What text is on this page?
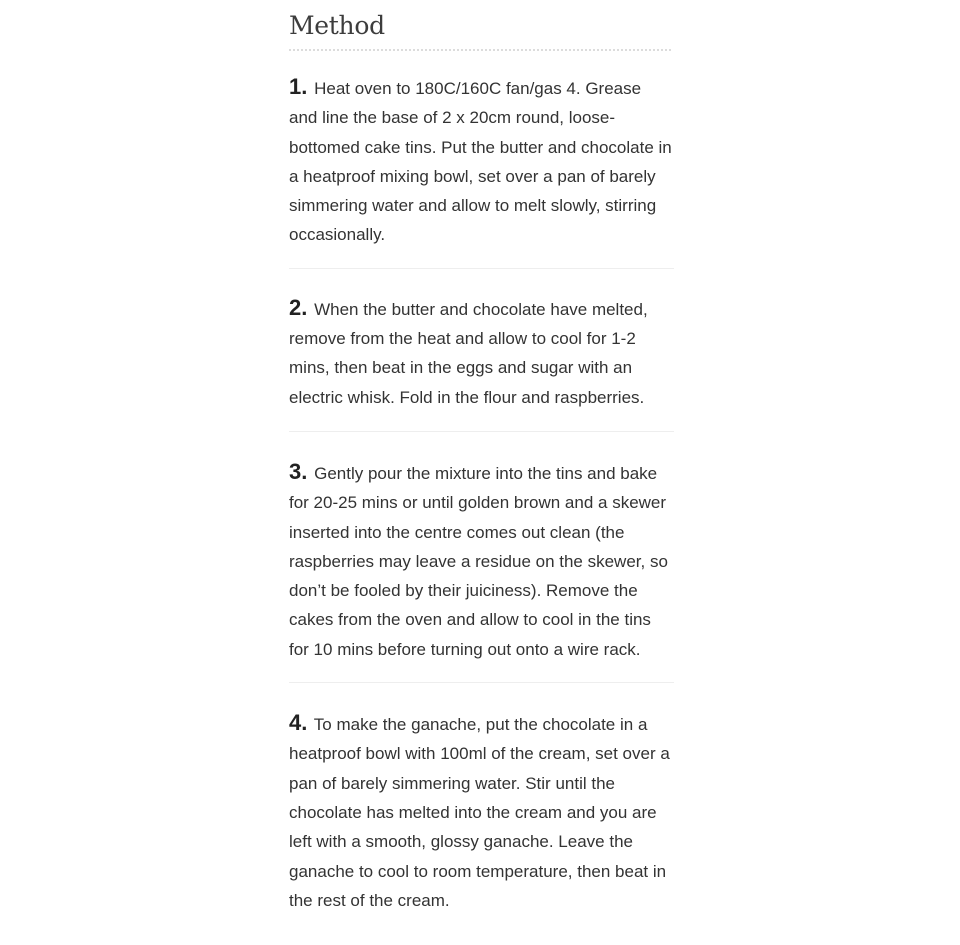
Method

1. Heat oven to 180C/160C fan/gas 4. Grease and line the base of 2 x 20cm round, loose-bottomed cake tins. Put the butter and chocolate in a heatproof mixing bowl, set over a pan of barely simmering water and allow to melt slowly, stirring occasionally.

2. When the butter and chocolate have melted, remove from the heat and allow to cool for 1-2 mins, then beat in the eggs and sugar with an electric whisk. Fold in the flour and raspberries.

3. Gently pour the mixture into the tins and bake for 20-25 mins or until golden brown and a skewer inserted into the centre comes out clean (the raspberries may leave a residue on the skewer, so don’t be fooled by their juiciness). Remove the cakes from the oven and allow to cool in the tins for 10 mins before turning out onto a wire rack.

4. To make the ganache, put the chocolate in a heatproof bowl with 100ml of the cream, set over a pan of barely simmering water. Stir until the chocolate has melted into the cream and you are left with a smooth, glossy ganache. Leave the ganache to cool to room temperature, then beat in the rest of the cream.
